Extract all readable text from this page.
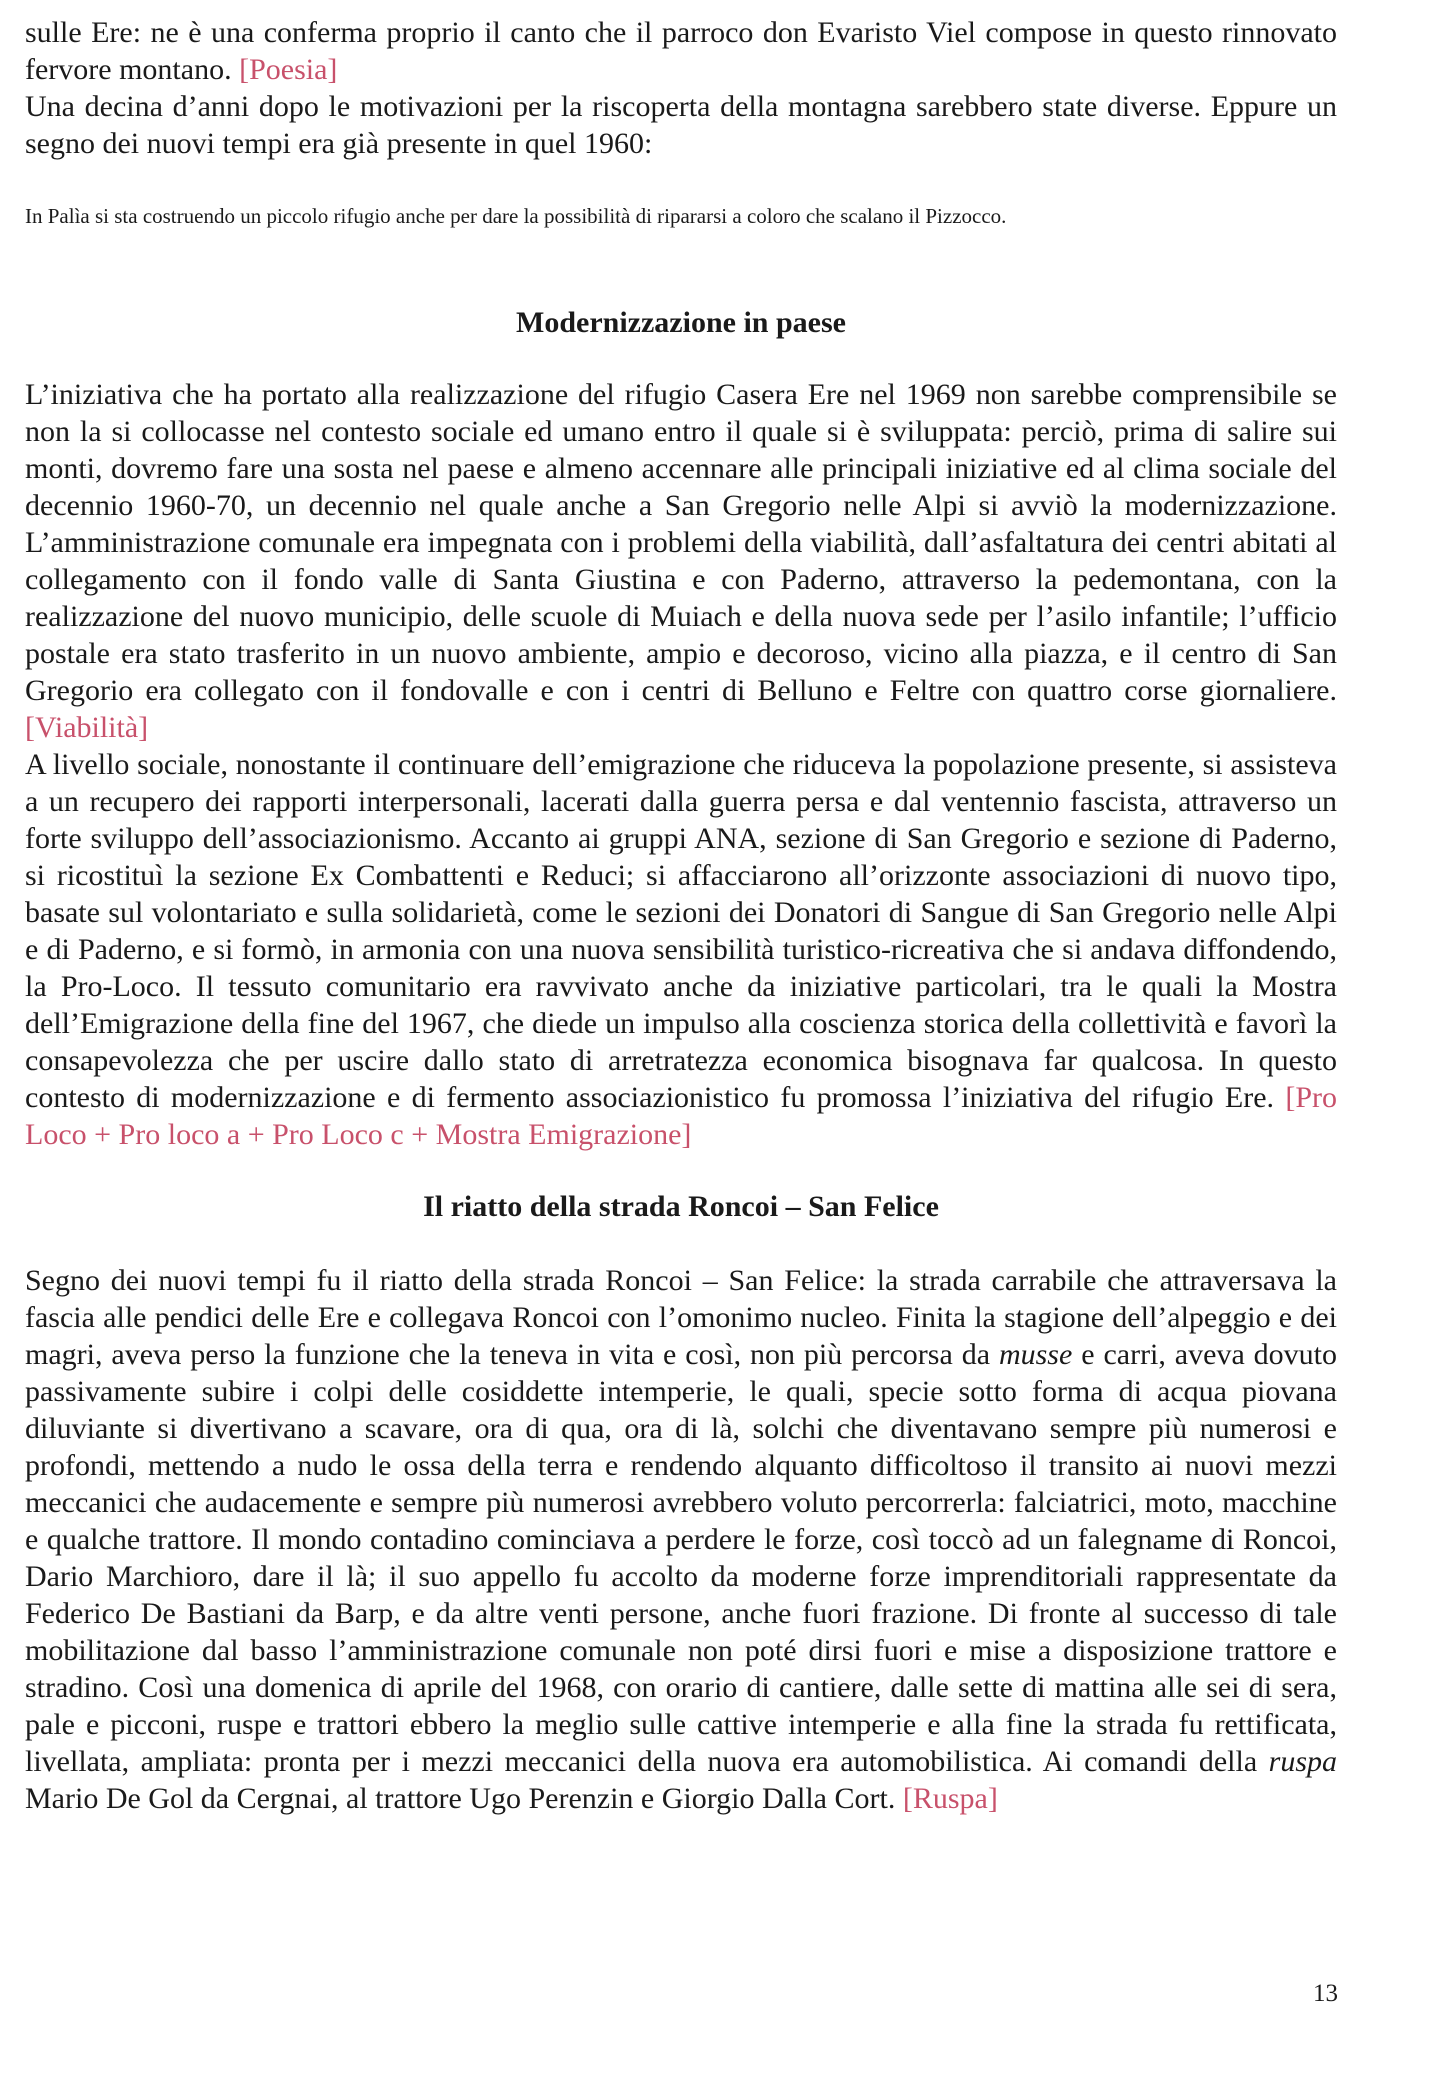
sulle Ere: ne è una conferma proprio il canto che il parroco don Evaristo Viel compose in questo rinnovato fervore montano. [Poesia]

Una decina d’anni dopo le motivazioni per la riscoperta della montagna sarebbero state diverse. Eppure un segno dei nuovi tempi era già presente in quel 1960:

In Palìa si sta costruendo un piccolo rifugio anche per dare la possibilità di ripararsi a coloro che scalano il Pizzocco.

Modernizzazione in paese

L’iniziativa che ha portato alla realizzazione del rifugio Casera Ere nel 1969 non sarebbe comprensibile se non la si collocasse nel contesto sociale ed umano entro il quale si è sviluppata: perciò, prima di salire sui monti, dovremo fare una sosta nel paese e almeno accennare alle principali iniziative ed al clima sociale del decennio 1960-70, un decennio nel quale anche a San Gregorio nelle Alpi si avviò la modernizzazione. L’amministrazione comunale era impegnata con i problemi della viabilità, dall’asfaltatura dei centri abitati al collegamento con il fondo valle di Santa Giustina e con Paderno, attraverso la pedemontana, con la realizzazione del nuovo municipio, delle scuole di Muiach e della nuova sede per l’asilo infantile; l’ufficio postale era stato trasferito in un nuovo ambiente, ampio e decoroso, vicino alla piazza, e il centro di San Gregorio era collegato con il fondovalle e con i centri di Belluno e Feltre con quattro corse giornaliere. [Viabilità]

A livello sociale, nonostante il continuare dell’emigrazione che riduceva la popolazione presente, si assisteva a un recupero dei rapporti interpersonali, lacerati dalla guerra persa e dal ventennio fascista, attraverso un forte sviluppo dell’associazionismo. Accanto ai gruppi ANA, sezione di San Gregorio e sezione di Paderno, si ricostituì la sezione Ex Combattenti e Reduci; si affacciarono all’orizzonte associazioni di nuovo tipo, basate sul volontariato e sulla solidarietà, come le sezioni dei Donatori di Sangue di San Gregorio nelle Alpi e di Paderno, e si formò, in armonia con una nuova sensibilità turistico-ricreativa che si andava diffondendo, la Pro-Loco. Il tessuto comunitario era ravvivato anche da iniziative particolari, tra le quali la Mostra dell’Emigrazione della fine del 1967, che diede un impulso alla coscienza storica della collettività e favorì la consapevolezza che per uscire dallo stato di arretratezza economica bisognava far qualcosa. In questo contesto di modernizzazione e di fermento associazionistico fu promossa l’iniziativa del rifugio Ere. [Pro Loco + Pro loco a + Pro Loco c + Mostra Emigrazione]

Il riatto della strada Roncoi – San Felice

Segno dei nuovi tempi fu il riatto della strada Roncoi – San Felice: la strada carrabile che attraversava la fascia alle pendici delle Ere e collegava Roncoi con l’omonimo nucleo. Finita la stagione dell’alpeggio e dei magri, aveva perso la funzione che la teneva in vita e così, non più percorsa da musse e carri, aveva dovuto passivamente subire i colpi delle cosiddette intemperie, le quali, specie sotto forma di acqua piovana diluviante si divertivano a scavare, ora di qua, ora di là, solchi che diventavano sempre più numerosi e profondi, mettendo a nudo le ossa della terra e rendendo alquanto difficoltoso il transito ai nuovi mezzi meccanici che audacemente e sempre più numerosi avrebbero voluto percorrerla: falciatrici, moto, macchine e qualche trattore. Il mondo contadino cominciava a perdere le forze, così toccò ad un falegname di Roncoi, Dario Marchioro, dare il là; il suo appello fu accolto da moderne forze imprenditoriali rappresentate da Federico De Bastiani da Barp, e da altre venti persone, anche fuori frazione. Di fronte al successo di tale mobilitazione dal basso l’amministrazione comunale non poté dirsi fuori e mise a disposizione trattore e stradino. Così una domenica di aprile del 1968, con orario di cantiere, dalle sette di mattina alle sei di sera, pale e picconi, ruspe e trattori ebbero la meglio sulle cattive intemperie e alla fine la strada fu rettificata, livellata, ampliata: pronta per i mezzi meccanici della nuova era automobilistica. Ai comandi della ruspa Mario De Gol da Cergnai, al trattore Ugo Perenzin e Giorgio Dalla Cort. [Ruspa]

13
